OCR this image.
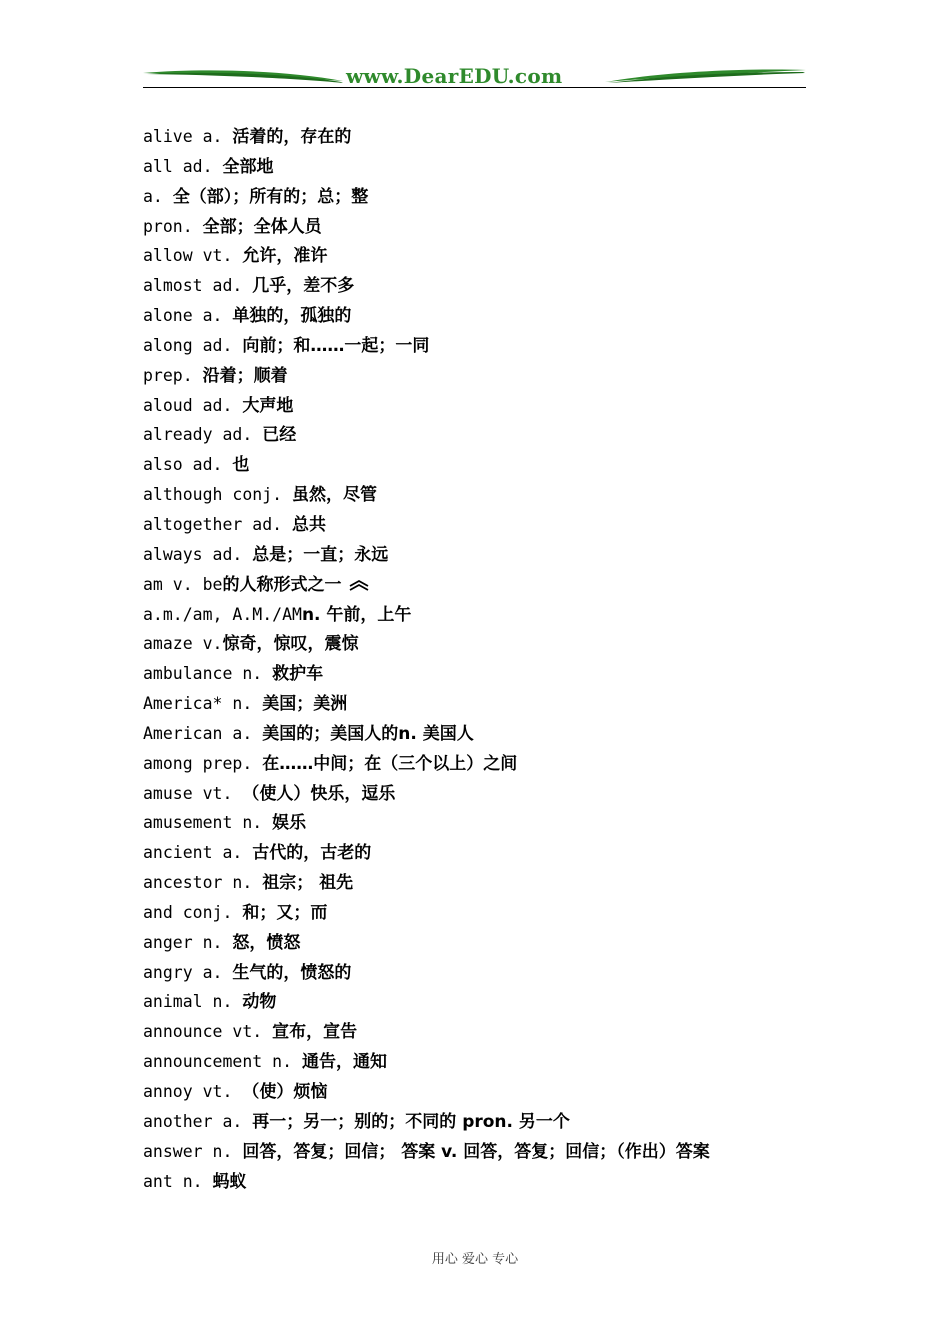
www.DearEDU.com
alive a. 活着的，存在的
all ad. 全部地
a. 全（部）；所有的；总；整
pron. 全部；全体人员
allow vt. 允许，准许
almost ad. 几乎，差不多
alone a. 单独的，孤独的
along ad. 向前；和……一起；一同
prep. 沿着；顺着
aloud ad. 大声地
already ad. 已经
also ad. 也
although conj. 虽然，尽管
altogether ad. 总共
always ad. 总是；一直；永远
am v. be的人称形式之一
a.m./am, A.M./AMn. 午前，上午
amaze v.惊奇，惊叹，震惊
ambulance n. 救护车
America* n. 美国；美洲
American a. 美国的；美国人的n. 美国人
among prep. 在……中间；在（三个以上）之间
amuse vt. （使人）快乐，逗乐
amusement n. 娱乐
ancient a. 古代的，古老的
ancestor n. 祖宗； 祖先
and conj. 和；又；而
anger n. 怒，愤怒
angry a. 生气的，愤怒的
animal n. 动物
announce vt. 宣布，宣告
announcement n. 通告，通知
annoy vt. （使）烦恼
another a. 再一；另一；别的；不同的 pron. 另一个
answer n. 回答，答复；回信； 答案 v. 回答，答复；回信；（作出）答案
ant n. 蚂蚁
用心 爱心 专心
